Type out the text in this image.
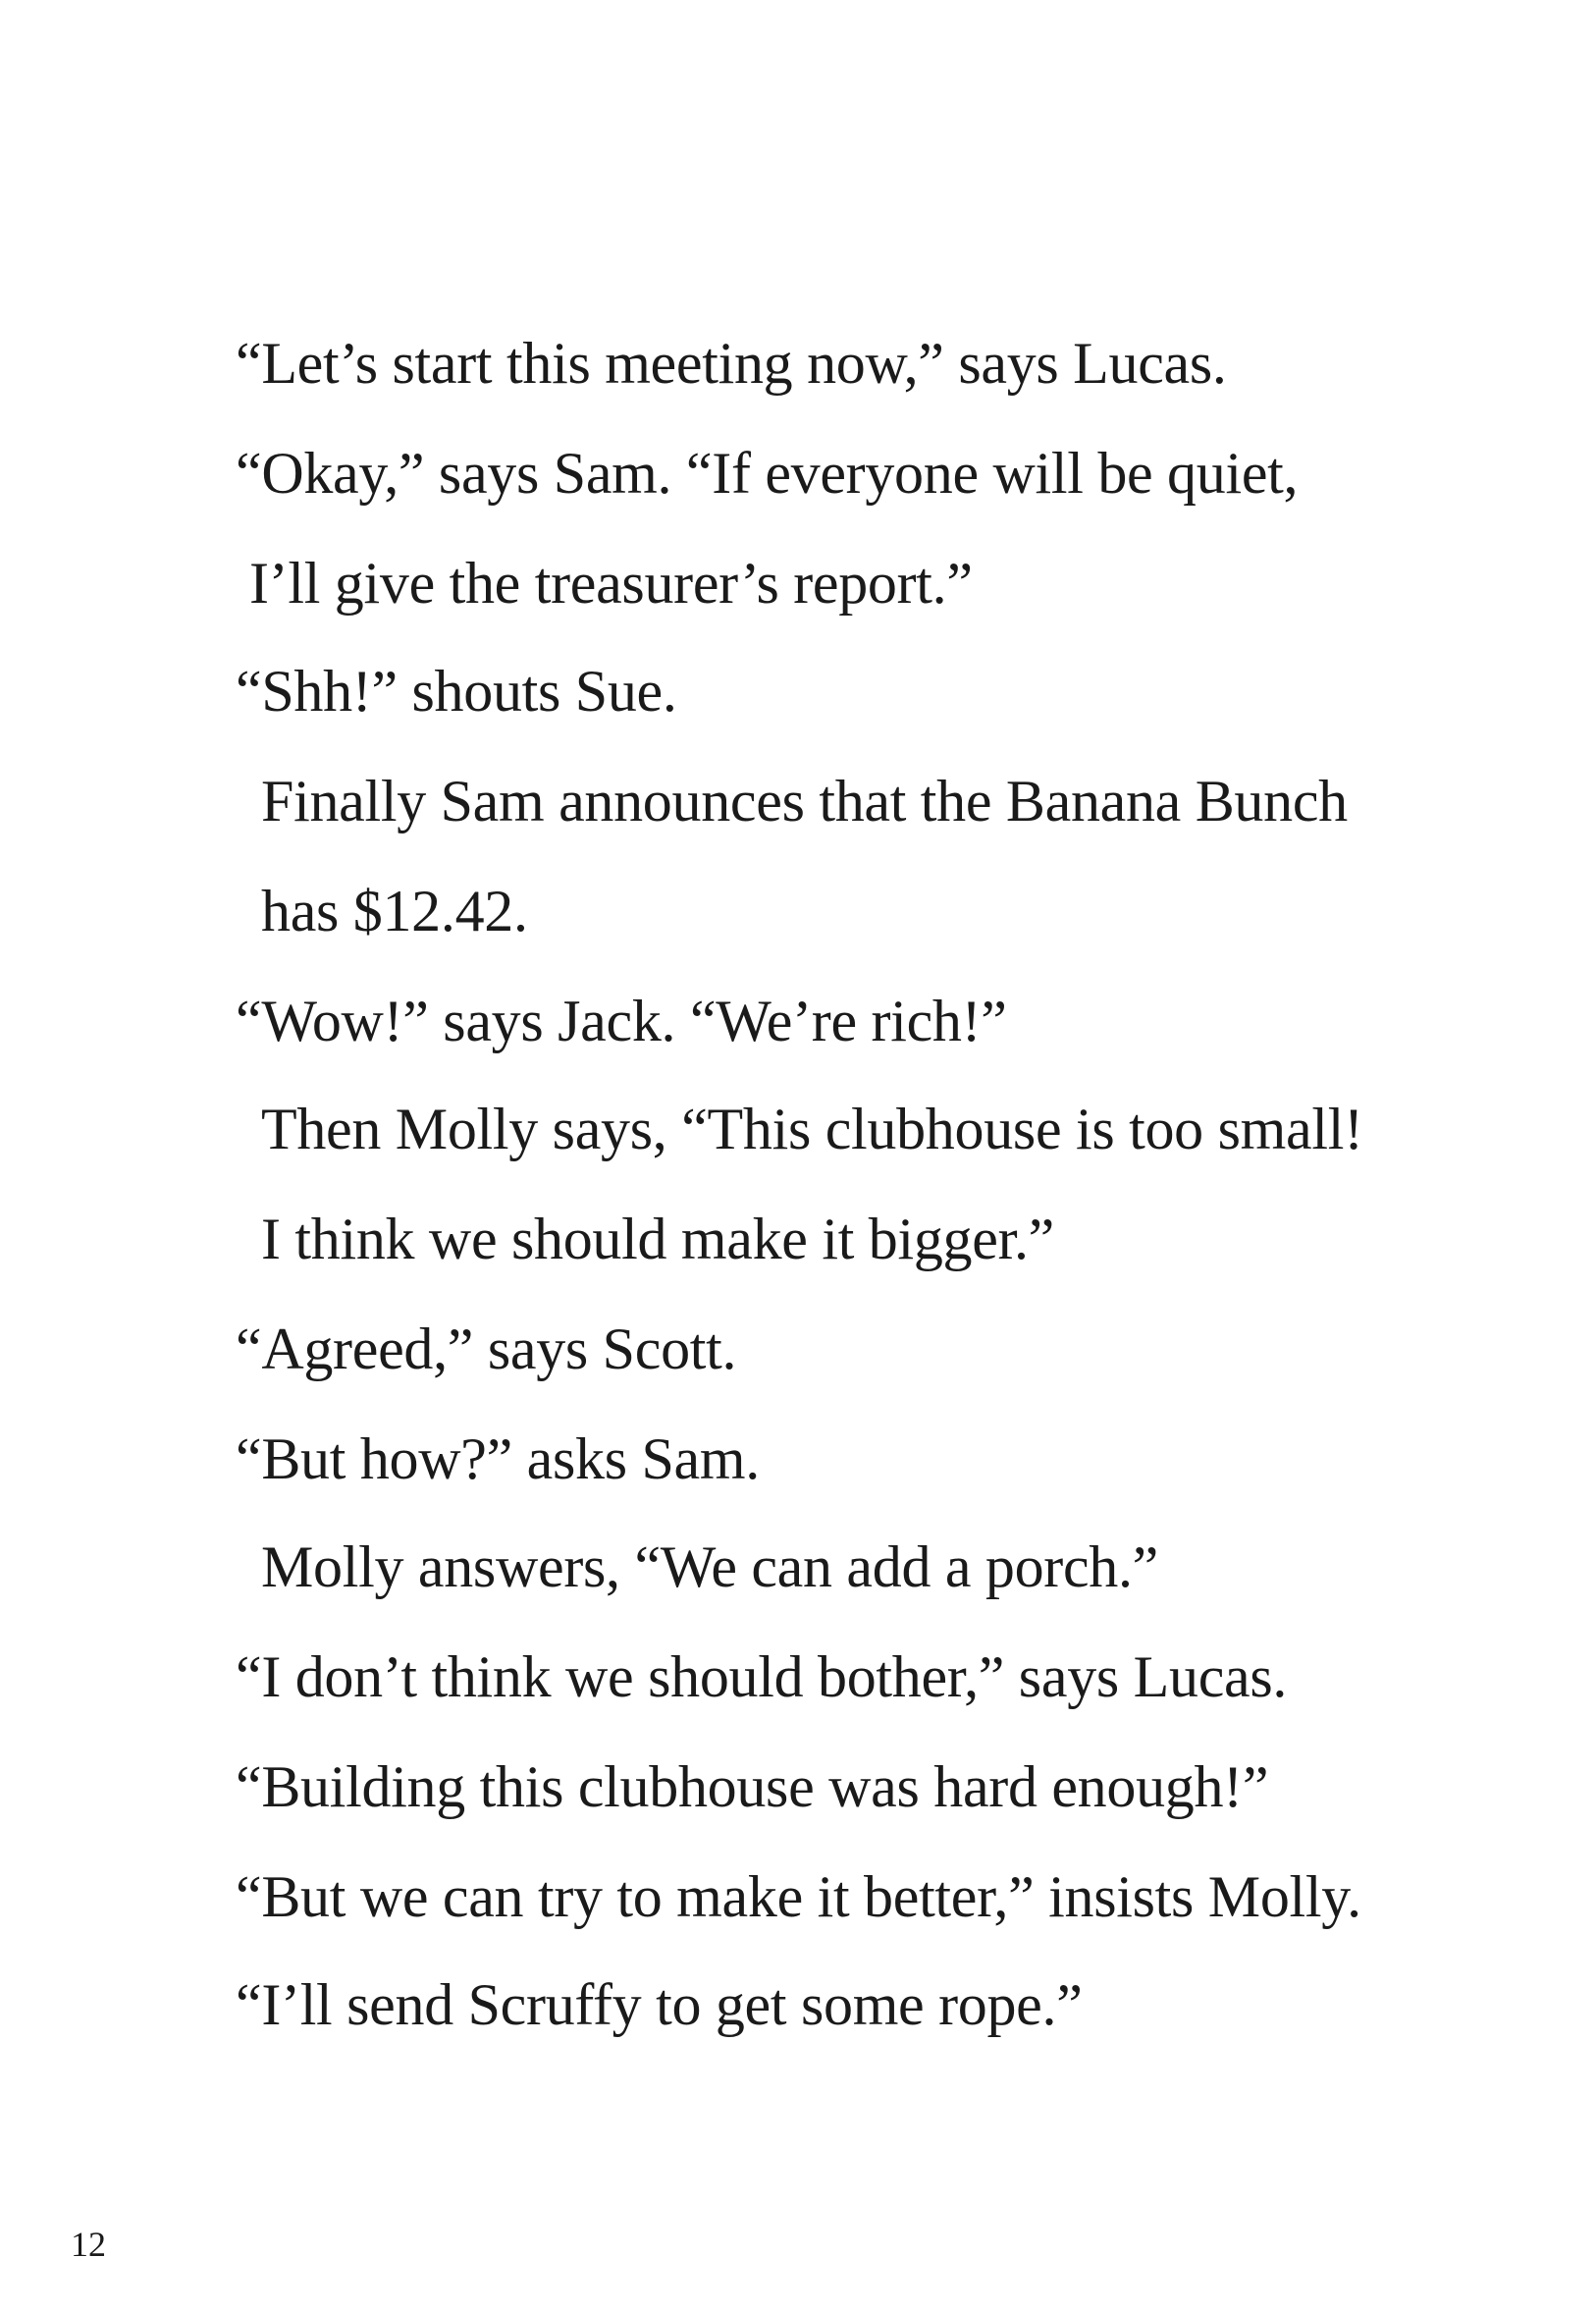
“Let’s start this meeting now,” says Lucas.
“Okay,” says Sam. “If everyone will be quiet,
I’ll give the treasurer’s report.”
“Shh!” shouts Sue.
Finally Sam announces that the Banana Bunch
has $12.42.
“Wow!” says Jack. “We’re rich!”
Then Molly says, “This clubhouse is too small!
I think we should make it bigger.”
“Agreed,” says Scott.
“But how?” asks Sam.
Molly answers, “We can add a porch.”
“I don’t think we should bother,” says Lucas.
“Building this clubhouse was hard enough!”
“But we can try to make it better,” insists Molly.
“I’ll send Scruffy to get some rope.”
12
